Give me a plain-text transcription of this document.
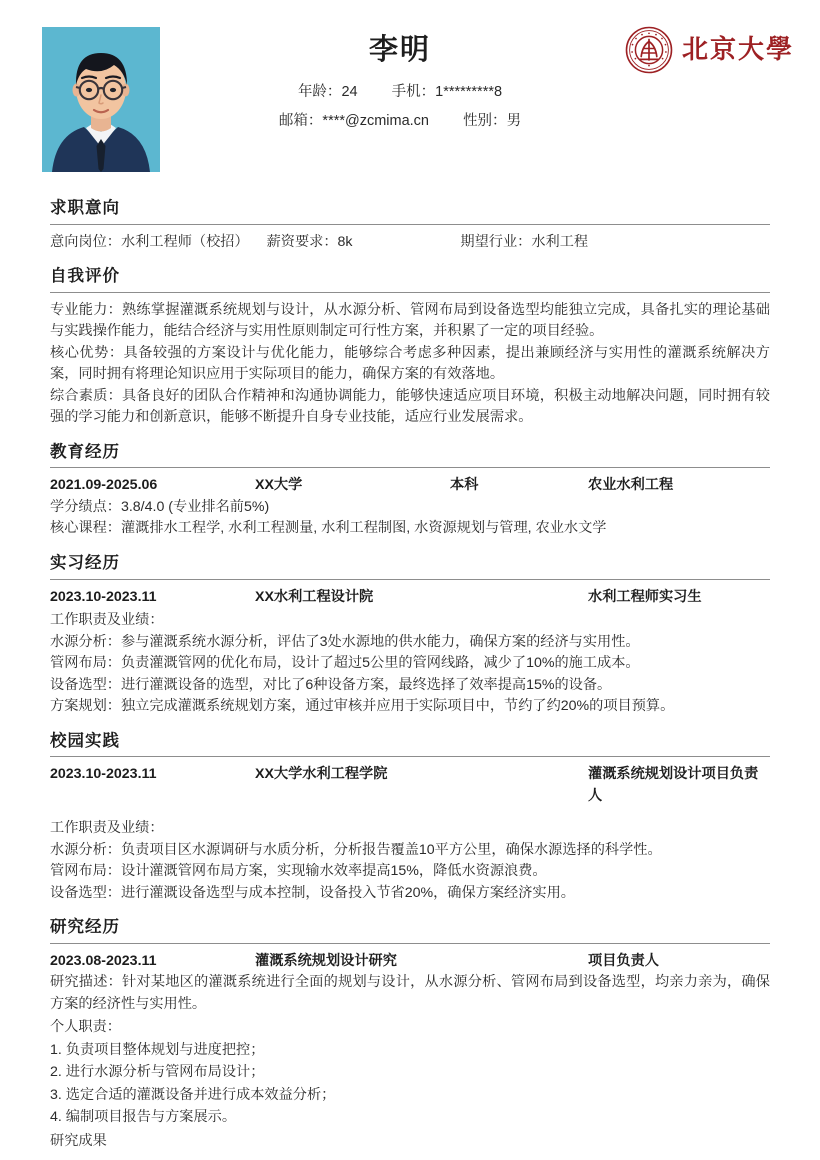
李明
年龄：24 手机：1*********8
邮箱：****@zcmima.cn 性别：男
北京大學
求职意向
意向岗位：水利工程师（校招） 薪资要求：8k	期望行业：水利工程
自我评价
专业能力：熟练掌握灌溉系统规划与设计，从水源分析、管网布局到设备选型均能独立完成，具备扎实的理论基础与实践操作能力，能结合经济与实用性原则制定可行性方案，并积累了一定的项目经验。
核心优势：具备较强的方案设计与优化能力，能够综合考虑多种因素，提出兼顾经济与实用性的灌溉系统解决方案，同时拥有将理论知识应用于实际项目的能力，确保方案的有效落地。
综合素质：具备良好的团队合作精神和沟通协调能力，能够快速适应项目环境，积极主动地解决问题，同时拥有较强的学习能力和创新意识，能够不断提升自身专业技能，适应行业发展需求。
教育经历
2021.09-2025.06	XX大学	本科	农业水利工程
学分绩点：3.8/4.0 (专业排名前5%)
核心课程：灌溉排水工程学, 水利工程测量, 水利工程制图, 水资源规划与管理, 农业水文学
实习经历
2023.10-2023.11	XX水利工程设计院	水利工程师实习生
工作职责及业绩：
水源分析：参与灌溉系统水源分析，评估了3处水源地的供水能力，确保方案的经济与实用性。
管网布局：负责灌溉管网的优化布局，设计了超过5公里的管网线路，减少了10%的施工成本。
设备选型：进行灌溉设备的选型，对比了6种设备方案，最终选择了效率提高15%的设备。
方案规划：独立完成灌溉系统规划方案，通过审核并应用于实际项目中，节约了约20%的项目预算。
校园实践
2023.10-2023.11	XX大学水利工程学院	灌溉系统规划设计项目负责人
工作职责及业绩：
水源分析：负责项目区水源调研与水质分析，分析报告覆盖10平方公里，确保水源选择的科学性。
管网布局：设计灌溉管网布局方案，实现输水效率提高15%，降低水资源浪费。
设备选型：进行灌溉设备选型与成本控制，设备投入节省20%，确保方案经济实用。
研究经历
2023.08-2023.11	灌溉系统规划设计研究	项目负责人
研究描述：针对某地区的灌溉系统进行全面的规划与设计，从水源分析、管网布局到设备选型，均亲力亲为，确保方案的经济性与实用性。
个人职责：
1. 负责项目整体规划与进度把控；
2. 进行水源分析与管网布局设计；
3. 选定合适的灌溉设备并进行成本效益分析；
4. 编制项目报告与方案展示。
研究成果
